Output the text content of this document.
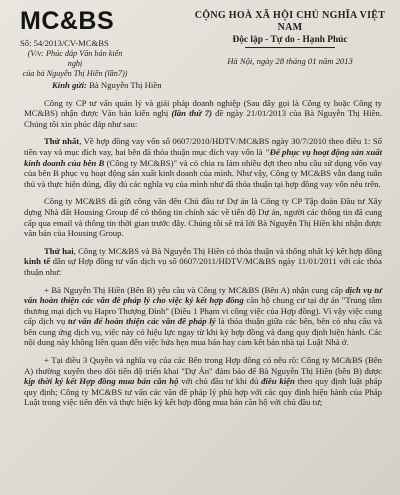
MC&BS
Số: 54/2013/CV-MC&BS
(V/v: Phúc đáp Văn bản kiến nghị
của bà Nguyễn Thị Hiền (lần7))
CỘNG HOÀ XÃ HỘI CHỦ NGHĨA VIỆT NAM
Độc lập - Tự do - Hạnh Phúc
Hà Nội, ngày 28 tháng 01 năm 2013

Kính gửi: Bà Nguyễn Thị Hiền

Công ty CP tư vấn quản lý và giải pháp doanh nghiệp (Sau đây gọi là Công ty hoặc Công ty MC&BS) nhận được Văn bản kiến nghị (lần thứ 7) đề ngày 21/01/2013 của Bà Nguyễn Thị Hiền. Chúng tôi xin phúc đáp như sau:

Thứ nhất, Về hợp đồng vay vốn số 0607/2010/HĐTV/MC&BS ngày 30/7/2010 theo điều 1: Số tiền vay và mục đích vay, hai bên đã thỏa thuận mục đích vay vốn là "Để phục vụ hoạt động sản xuất kinh doanh của bên B (Công ty MC&BS)" và có chia ra làm nhiều đợt theo nhu cầu sử dụng vốn vay của bên B phục vụ hoạt động sản xuất kinh doanh của mình. Như vậy, Công ty MC&BS vẫn đang tuân thủ và thực hiện đúng, đầy đủ các nghĩa vụ của mình như đã thỏa thuận tại hợp đồng vay vốn nêu trên.

Công ty MC&BS đã gửi công văn đến Chủ đầu tư Dự án là Công ty CP Tập đoàn Đầu tư Xây dựng Nhà đất Housing Group để có thông tin chính xác về tiến độ Dự án, người các thông tin đã cung cấp qua email và thông tin thời gian trước đây. Chúng tôi sẽ trả lời Bà Nguyễn Thị Hiền khi nhận được văn bản của Housing Group.

Thứ hai, Công ty MC&BS và Bà Nguyễn Thị Hiền có thỏa thuận và thống nhất ký kết hợp đồng kinh tế dân sự Hợp đồng tư vấn dịch vụ số 0607/2011/HĐTV/MC&BS ngày 11/01/2011 với các thỏa thuận như:

+ Bà Nguyễn Thị Hiền (Bên B) yêu cầu và Công ty MC&BS (Bên A) nhận cung cấp dịch vụ tư vấn hoàn thiện các văn đề pháp lý cho việc ký kết hợp đồng căn hộ chung cư tại dự án "Trung tâm thương mại dịch vụ Hapro Thượng Đình" (Điều 1 Phạm vi công việc của Hợp đồng). Vì vậy việc cung cấp dịch vụ tư vấn để hoàn thiện các văn đề pháp lý là thỏa thuận giữa các bên, bên có nhu cầu và bên cung ứng dịch vụ, việc này có hiệu lực ngay từ khi ký hợp đồng và đang quy định hiện hành. Các nội dung này không liên quan đến việc hứa hẹn mua bán hay cam kết bán nhà tại Luật Nhà ở.

+ Tại điều 3 Quyền và nghĩa vụ của các Bên trong Hợp đồng có nêu rõ: Công ty MC&BS (Bên A) thường xuyên theo dõi tiến độ triển khai "Dự Án" đảm bảo để Bà Nguyễn Thị Hiền (bên B) được kịp thời ký kết Hợp đồng mua bán căn hộ với chủ đầu tư khi đủ điều kiện theo quy định luật pháp quy định; Công ty MC&BS tư vấn các văn đề pháp lý phù hợp với các quy định hiện hành của Pháp Luật trong việc tiến đến và thực hiện ký kết hợp đồng mua bán căn hộ với chủ đầu tư;
